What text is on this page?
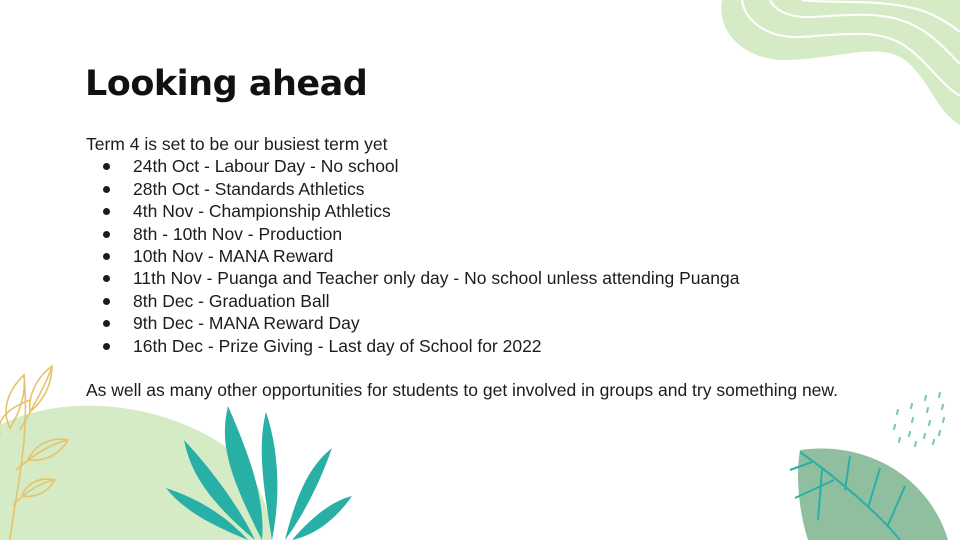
Looking ahead

Term 4 is set to be our busiest term yet

24th Oct - Labour Day - No school
28th Oct - Standards Athletics
4th Nov - Championship Athletics
8th - 10th Nov - Production
10th Nov - MANA Reward
11th Nov - Puanga and Teacher only day - No school unless attending Puanga
8th Dec - Graduation Ball
9th Dec - MANA Reward Day
16th Dec - Prize Giving - Last day of School for 2022

As well as many other opportunities for students to get involved in groups and try something new.
